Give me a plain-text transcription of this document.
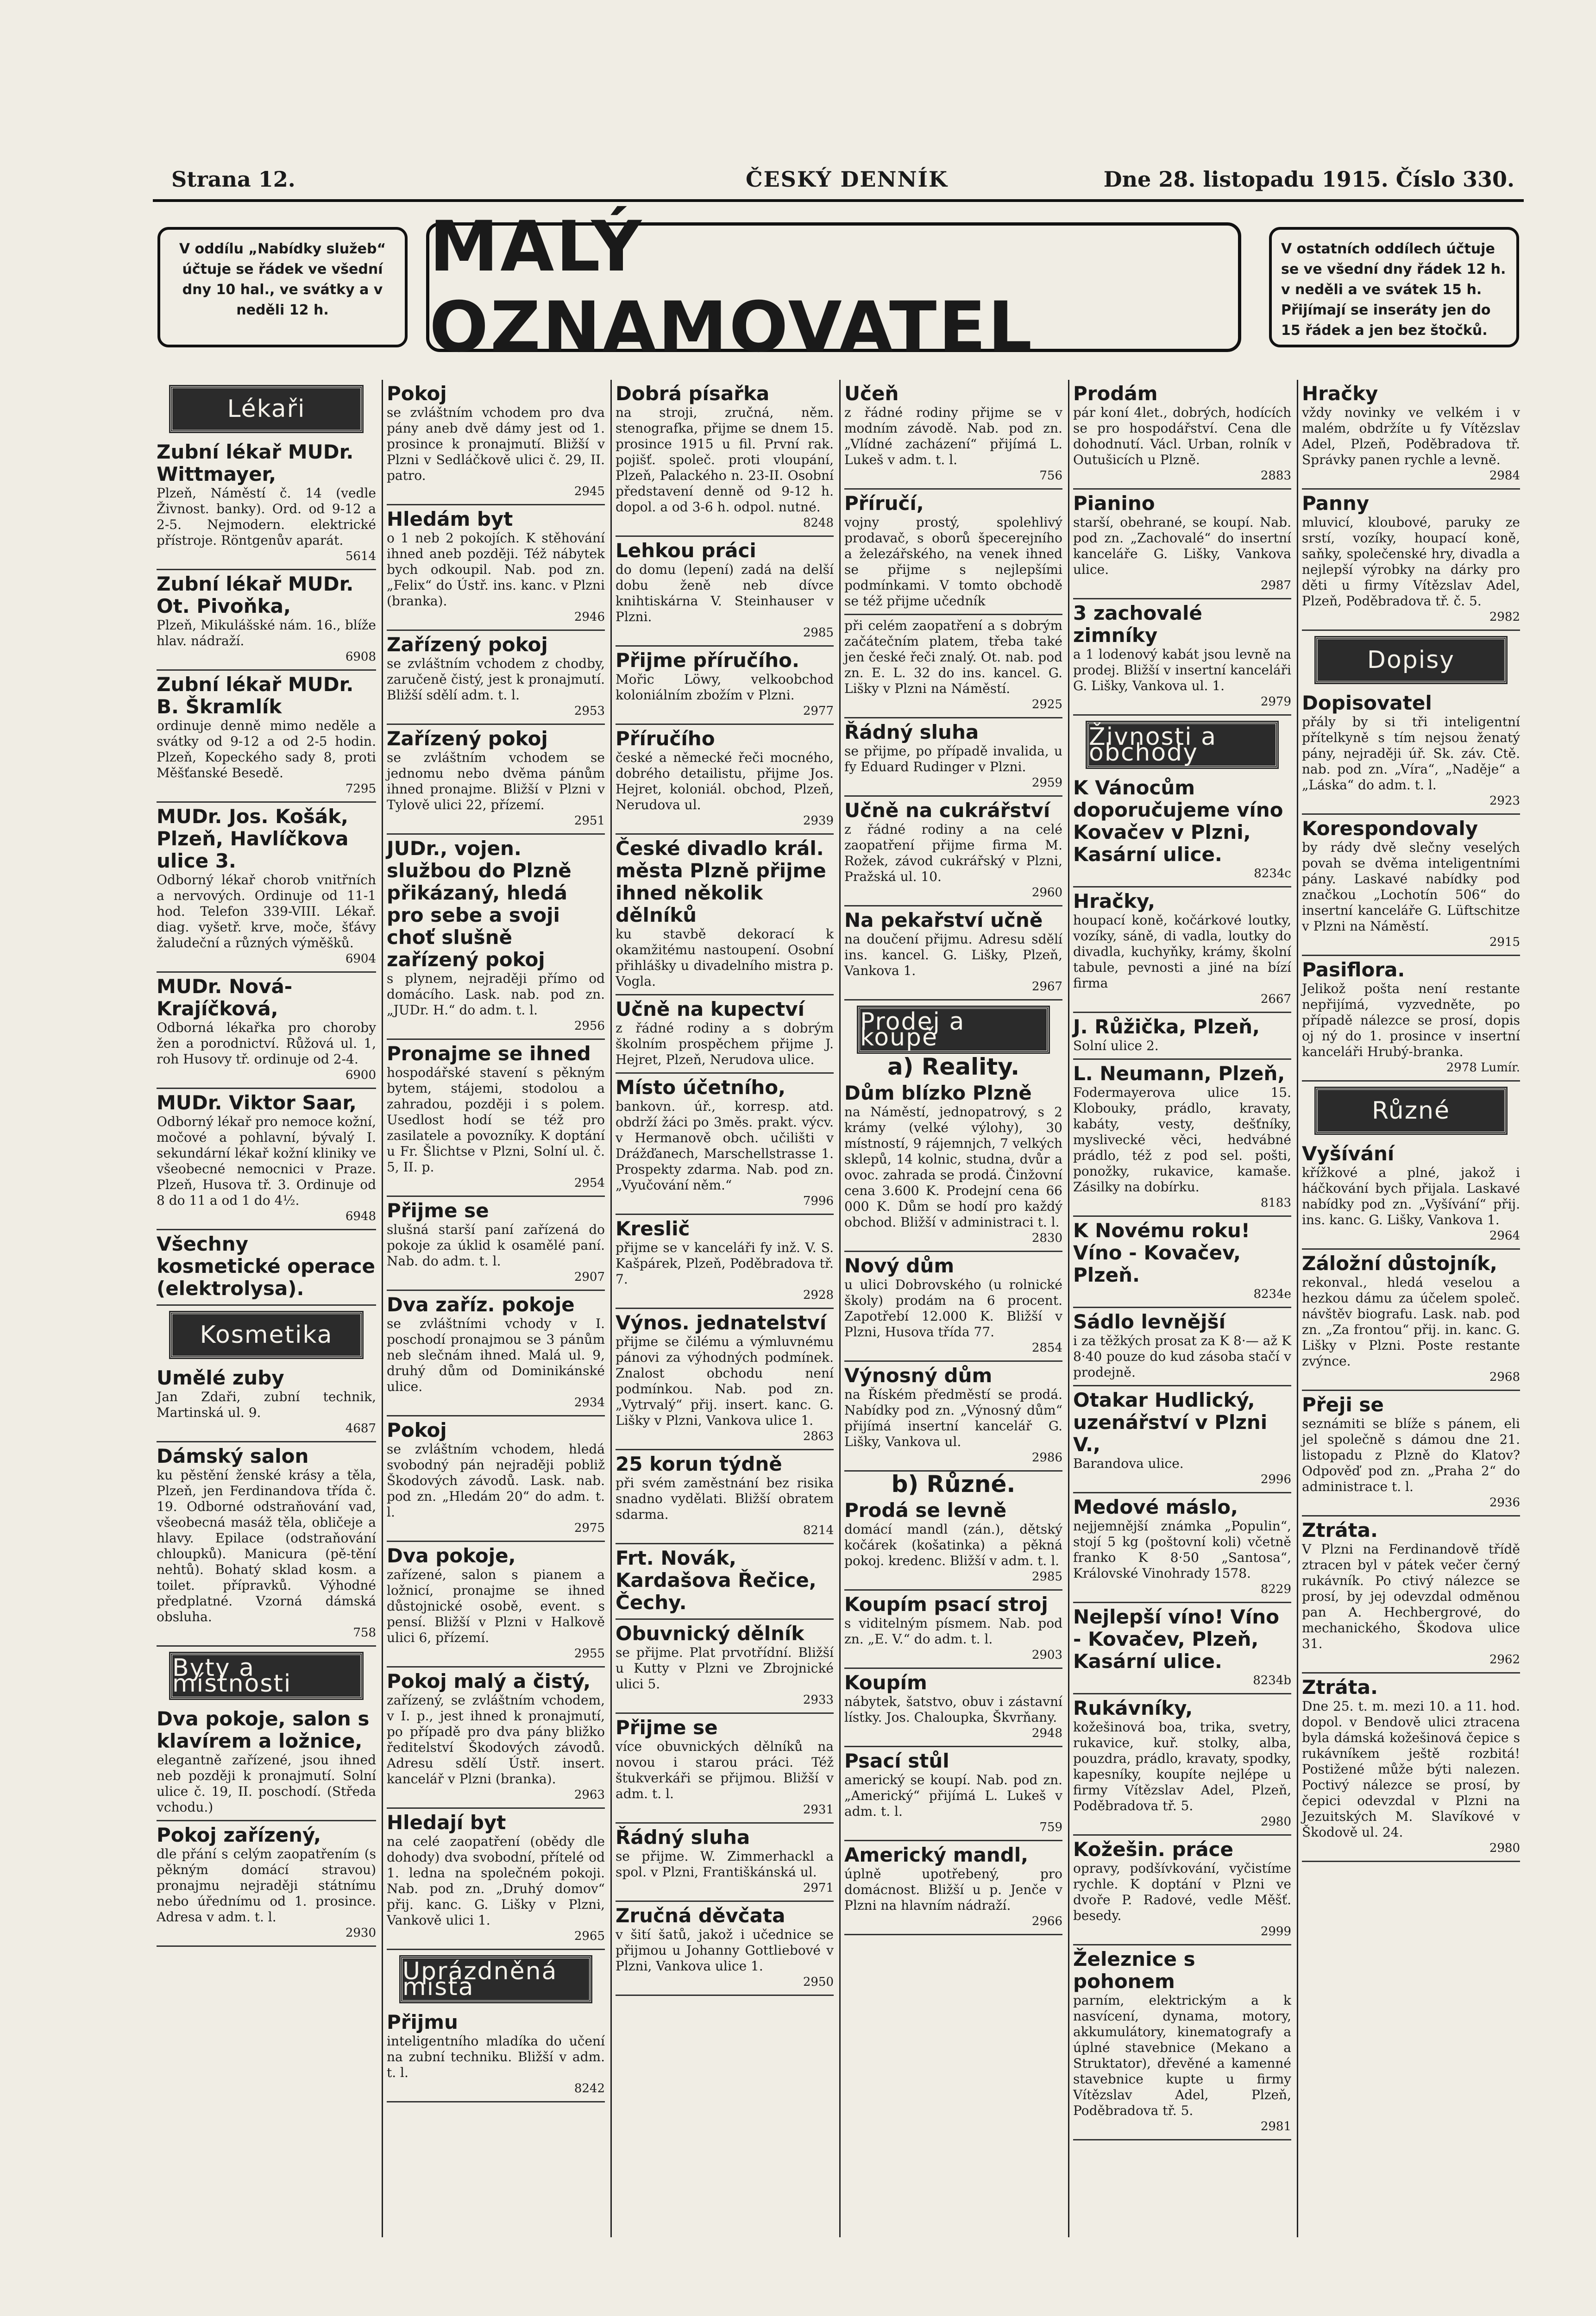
Strana 12.	ČESKÝ DENNÍK	Dne 28. listopadu 1915. Číslo 330.
V oddílu „Nabídky služeb“ účtuje se řádek ve všední dny 10 hal., ve svátky a v neděli 12 h.
MALÝ OZNAMOVATEL
V ostatních oddílech účtuje se ve všední dny řádek 12 h. v neděli a ve svátek 15 h. Přijímají se inseráty jen do 15 řádek a jen bez štočků.
Lékaři
Zubní lékař MUDr. Wittmayer,

Plzeň, Náměstí č. 14 (vedle Živnost. banky). Ord. od 9-12 a 2-5. Nejmodern. elektrické přístroje. Röntgenův aparát.

5614
Zubní lékař MUDr. Ot. Pivoňka,

Plzeň, Mikulášské nám. 16., blíže hlav. nádraží.

6908
Zubní lékař MUDr. B. Škramlík

ordinuje denně mimo neděle a svátky od 9-12 a od 2-5 hodin. Plzeň, Kopeckého sady 8, proti Měšťanské Besedě.

7295
MUDr. Jos. Košák, Plzeň, Havlíčkova ulice 3.

Odborný lékař chorob vnitřních a nervových. Ordinuje od 11-1 hod. Telefon 339-VIII. Lékař. diag. vyšetř. krve, moče, šťávy žaludeční a různých výměšků.

6904
MUDr. Nová-Krajíčková,

Odborná lékařka pro choroby žen a porodnictví. Růžová ul. 1, roh Husovy tř. ordinuje od 2-4.

6900
MUDr. Viktor Saar,

Odborný lékař pro nemoce kožní, močové a pohlavní, bývalý I. sekundární lékař kožní kliniky ve všeobecné nemocnici v Praze. Plzeň, Husova tř. 3. Ordinuje od 8 do 11 a od 1 do 4½.

6948
Všechny kosmetické operace (elektrolysa).

Kosmetika
Umělé zuby

Jan Zdaři, zubní technik, Martinská ul. 9.

4687
Dámský salon

ku pěstění ženské krásy a těla, Plzeň, jen Ferdinandova třída č. 19. Odborné odstraňování vad, všeobecná masáž těla, obličeje a hlavy. Epilace (odstraňování chloupků). Manicura (pě-tění nehtů). Bohatý sklad kosm. a toilet. přípravků. Výhodné předplatné. Vzorná dámská obsluha.

758
Byty a místnosti
Dva pokoje, salon s klavírem a ložnice,

elegantně zařízené, jsou ihned neb později k pronajmutí. Solní ulice č. 19, II. poschodí. (Středa vchodu.)

Pokoj zařízený,

dle přání s celým zaopatřením (s pěkným domácí stravou) pronajmu nejraději státnímu nebo úřednímu od 1. prosince. Adresa v adm. t. l.

2930
Pokoj

se zvláštním vchodem pro dva pány aneb dvě dámy jest od 1. prosince k pronajmutí. Bližší v Plzni v Sedláčkově ulici č. 29, II. patro.

2945
Hledám byt

o 1 neb 2 pokojích. K stěhování ihned aneb později. Též nábytek bych odkoupil. Nab. pod zn. „Felix“ do Ústř. ins. kanc. v Plzni (branka).

2946
Zařízený pokoj

se zvláštním vchodem z chodby, zaručeně čistý, jest k pronajmutí. Bližší sdělí adm. t. l.

2953
Zařízený pokoj

se zvláštním vchodem se jednomu nebo dvěma pánům ihned pronajme. Bližší v Plzni v Tylově ulici 22, přízemí.

2951
JUDr., vojen. službou do Plzně přikázaný, hledá pro sebe a svoji choť slušně zařízený pokoj

s plynem, nejraději přímo od domácího. Lask. nab. pod zn. „JUDr. H.“ do adm. t. l.

2956
Pronajme se ihned

hospodářské stavení s pěkným bytem, stájemi, stodolou a zahradou, později i s polem. Usedlost hodí se též pro zasilatele a povozníky. K doptání u Fr. Šlichtse v Plzni, Solní ul. č. 5, II. p.

2954
Přijme se

slušná starší paní zařízená do pokoje za úklid k osamělé paní. Nab. do adm. t. l.

2907
Dva zaříz. pokoje

se zvláštními vchody v I. poschodí pronajmou se 3 pánům neb slečnám ihned. Malá ul. 9, druhý dům od Dominikánské ulice.

2934
Pokoj

se zvláštním vchodem, hledá svobodný pán nejraději pobliž Škodových závodů. Lask. nab. pod zn. „Hledám 20“ do adm. t. l.

2975
Dva pokoje,

zařízené, salon s pianem a ložnicí, pronajme se ihned důstojnické osobě, event. s pensí. Bližší v Plzni v Halkově ulici 6, přízemí.

2955
Pokoj malý a čistý,

zařízený, se zvláštním vchodem, v I. p., jest ihned k pronajmutí, po případě pro dva pány bližko ředitelství Škodových závodů. Adresu sdělí Ústř. insert. kancelář v Plzni (branka).

2963
Hledají byt

na celé zaopatření (obědy dle dohody) dva svobodní, přítelé od 1. ledna na společném pokoji. Nab. pod zn. „Druhý domov“ přij. kanc. G. Lišky v Plzni, Vankově ulici 1.

2965
Uprázdněná místa
Přijmu

inteligentního mladíka do učení na zubní techniku. Bližší v adm. t. l.

8242
Dobrá písařka

na stroji, zručná, něm. stenografka, přijme se dnem 15. prosince 1915 u fil. První rak. pojišť. společ. proti vloupání, Plzeň, Palackého n. 23-II. Osobní představení denně od 9-12 h. dopol. a od 3-6 h. odpol. nutné.

8248
Lehkou práci

do domu (lepení) zadá na delší dobu ženě neb dívce knihtiskárna V. Steinhauser v Plzni.

2985
Přijme příručího.

Mořic Löwy, velkoobchod koloniálním zbožím v Plzni.

2977
Příručího

české a německé řeči mocného, dobrého detailistu, přijme Jos. Hejret, koloniál. obchod, Plzeň, Nerudova ul.

2939
České divadlo král. města Plzně přijme ihned několik dělníků

ku stavbě dekorací k okamžitému nastoupení. Osobní přihlášky u divadelního mistra p. Vogla.

Učně na kupectví

z řádné rodiny a s dobrým školním prospěchem přijme J. Hejret, Plzeň, Nerudova ulice.

Místo účetního,

bankovn. úř., korresp. atd. obdrží žáci po 3měs. prakt. výcv. v Hermanově obch. učilišti v Drážďanech, Marschellstrasse 1. Prospekty zdarma. Nab. pod zn. „Vyučování něm.“

7996
Kreslič

přijme se v kanceláři fy inž. V. S. Kašpárek, Plzeň, Poděbradova tř. 7.

2928
Výnos. jednatelství

přijme se čilému a výmluvnému pánovi za výhodných podmínek. Znalost obchodu není podmínkou. Nab. pod zn. „Vytrvalý“ přij. insert. kanc. G. Lišky v Plzni, Vankova ulice 1.

2863
25 korun týdně

při svém zaměstnání bez risika snadno vydělati. Bližší obratem sdarma.

8214
Frt. Novák, Kardašova Řečice, Čechy.

Obuvnický dělník

se přijme. Plat prvotřídní. Bližší u Kutty v Plzni ve Zbrojnické ulici 5.

2933
Přijme se

více obuvnických dělníků na novou i starou práci. Též štukverkáři se přijmou. Bližší v adm. t. l.

2931
Řádný sluha

se přijme. W. Zimmerhackl a spol. v Plzni, Františkánská ul.

2971
Zručná děvčata

v šití šatů, jakož i učednice se přijmou u Johanny Gottliebové v Plzni, Vankova ulice 1.

2950
Učeň

z řádné rodiny přijme se v modním závodě. Nab. pod zn. „Vlídné zacházení“ přijímá L. Lukeš v adm. t. l.

756
Příručí,

vojny prostý, spolehlivý prodavač, s oborů špecerejního a železářského, na venek ihned se přijme s nejlepšími podmínkami. V tomto obchodě se též přijme učedník

při celém zaopatření a s dobrým začátečním platem, třeba také jen české řeči znalý. Ot. nab. pod zn. E. L. 32 do ins. kancel. G. Lišky v Plzni na Náměstí.

2925
Řádný sluha

se přijme, po případě invalida, u fy Eduard Rudinger v Plzni.

2959
Učně na cukrářství

z řádné rodiny a na celé zaopatření přijme firma M. Rožek, závod cukrářský v Plzni, Pražská ul. 10.

2960
Na pekařství učně

na doučení přijmu. Adresu sdělí ins. kancel. G. Lišky, Plzeň, Vankova 1.

2967
Prodej a koupě
a) Reality.
Dům blízko Plzně

na Náměstí, jednopatrový, s 2 krámy (velké výlohy), 30 místností, 9 rájemnjch, 7 velkých sklepů, 14 kolnic, studna, dvůr a ovoc. zahrada se prodá. Činžovní cena 3.600 K. Prodejní cena 66 000 K. Dům se hodí pro každý obchod. Bližší v administraci t. l.

2830
Nový dům

u ulici Dobrovského (u rolnické školy) prodám na 6 procent. Zapotřebí 12.000 K. Bližší v Plzni, Husova třída 77.

2854
Výnosný dům

na Říském předměstí se prodá. Nabídky pod zn. „Výnosný dům“ přijímá insertní kancelář G. Lišky, Vankova ul.

2986
b) Různé.
Prodá se levně

domácí mandl (zán.), dětský kočárek (košatinka) a pěkná pokoj. kredenc. Bližší v adm. t. l.

2985
Koupím psací stroj

s viditelným písmem. Nab. pod zn. „E. V.“ do adm. t. l.

2903
Koupím

nábytek, šatstvo, obuv i zástavní lístky. Jos. Chaloupka, Škvrňany.

2948
Psací stůl

americký se koupí. Nab. pod zn. „Americký“ přijímá L. Lukeš v adm. t. l.

759
Americký mandl,

úplně upotřebený, pro domácnost. Bližší u p. Jenče v Plzni na hlavním nádraží.

2966
Prodám

pár koní 4let., dobrých, hodících se pro hospodářství. Cena dle dohodnutí. Václ. Urban, rolník v Outušicích u Plzně.

2883
Pianino

starší, obehrané, se koupí. Nab. pod zn. „Zachovalé“ do insertní kanceláře G. Lišky, Vankova ulice.

2987
3 zachovalé zimníky

a 1 lodenový kabát jsou levně na prodej. Bližší v insertní kanceláři G. Lišky, Vankova ul. 1.

2979
Živnosti a obchody
K Vánocům doporučujeme víno Kovačev v Plzni, Kasární ulice.

8234c
Hračky,

houpací koně, kočárkové loutky, vozíky, sáně, di vadla, loutky do divadla, kuchyňky, krámy, školní tabule, pevnosti a jiné na bízí firma

2667
J. Růžička, Plzeň,

Solní ulice 2.

L. Neumann, Plzeň,

Fodermayerova ulice 15. Klobouky, prádlo, kravaty, kabáty, vesty, dešťníky, myslivecké věci, hedvábné prádlo, též z pod sel. pošti, ponožky, rukavice, kamaše. Zásilky na dobírku.

8183
K Novému roku! Víno - Kovačev, Plzeň.

8234e
Sádlo levnější

i za těžkých prosat za K 8·— až K 8·40 pouze do kud zásoba stačí v prodejně.

Otakar Hudlický, uzenářství v Plzni V.,

Barandova ulice.

2996
Medové máslo,

nejjemnější známka „Populin“, stojí 5 kg (poštovní koli) včetně franko K 8·50 „Santosa“, Královské Vinohrady 1578.

8229
Nejlepší víno! Víno - Kovačev, Plzeň, Kasární ulice.

8234b
Rukávníky,

kožešinová boa, trika, svetry, rukavice, kuř. stolky, alba, pouzdra, prádlo, kravaty, spodky, kapesníky, koupíte nejlépe u firmy Vítězslav Adel, Plzeň, Poděbradova tř. 5.

2980
Kožešin. práce

opravy, podšívkování, vyčistíme rychle. K doptání v Plzni ve dvoře P. Radové, vedle Měšť. besedy.

2999
Železnice s pohonem

parním, elektrickým a k nasvícení, dynama, motory, akkumulátory, kinematografy a úplné stavebnice (Mekano a Struktator), dřevěné a kamenné stavebnice kupte u firmy Vítězslav Adel, Plzeň, Poděbradova tř. 5.

2981
Hračky

vždy novinky ve velkém i v malém, obdržíte u fy Vítězslav Adel, Plzeň, Poděbradova tř. Správky panen rychle a levně.

2984
Panny

mluvicí, kloubové, paruky ze srstí, vozíky, houpací koně, saňky, společenské hry, divadla a nejlepší výrobky na dárky pro děti u firmy Vítězslav Adel, Plzeň, Poděbradova tř. č. 5.

2982
Dopisy
Dopisovatel

přály by si tři inteligentní přítelkyně s tím nejsou ženatý pány, nejraději úř. Sk. záv. Ctě. nab. pod zn. „Víra“, „Naděje“ a „Láska“ do adm. t. l.

2923
Korespondovaly

by rády dvě slečny veselých povah se dvěma inteligentními pány. Laskavé nabídky pod značkou „Lochotín 506“ do insertní kanceláře G. Lüftschitze v Plzni na Náměstí.

2915
Pasiflora.

Jelikož pošta není restante nepřijímá, vyzvedněte, po případě nálezce se prosí, dopis oj ný do 1. prosince v insertní kanceláři Hrubý-branka.

2978 Lumír.
Různé
Vyšívání

křížkové a plné, jakož i háčkování bych přijala. Laskavé nabídky pod zn. „Vyšívání“ přij. ins. kanc. G. Lišky, Vankova 1.

2964
Záložní důstojník,

rekonval., hledá veselou a hezkou dámu za účelem společ. návštěv biografu. Lask. nab. pod zn. „Za frontou“ přij. in. kanc. G. Lišky v Plzni. Poste restante zvýnce.

2968
Přeji se

seznámiti se blíže s pánem, eli jel společně s dámou dne 21. listopadu z Plzně do Klatov? Odpověď pod zn. „Praha 2“ do administrace t. l.

2936
Ztráta.

V Plzni na Ferdinandově třídě ztracen byl v pátek večer černý rukávník. Po ctivý nálezce se prosí, by jej odevzdal odměnou pan A. Hechbergrové, do mechanického, Škodova ulice 31.

2962
Ztráta.

Dne 25. t. m. mezi 10. a 11. hod. dopol. v Bendově ulici ztracena byla dámská kožešinová čepice s rukávníkem ještě rozbitá! Postižené může býti nalezen. Poctivý nálezce se prosí, by čepici odevzdal v Plzni na Jezuitských M. Slavíkové v Škodově ul. 24.

2980
